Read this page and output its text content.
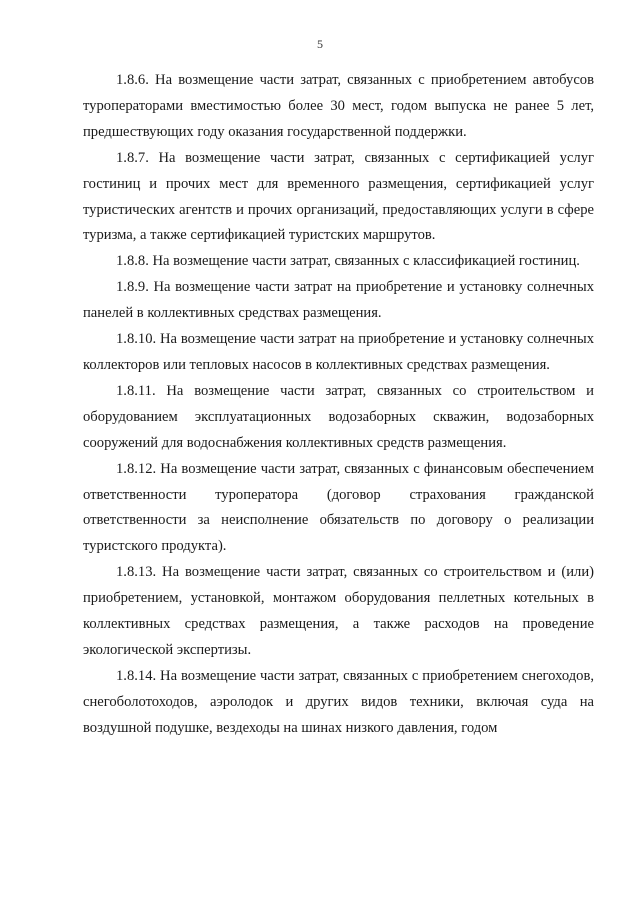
5

1.8.6. На возмещение части затрат, связанных с приобретением автобусов туроператорами вместимостью более 30 мест, годом выпуска не ранее 5 лет, предшествующих году оказания государственной поддержки.

1.8.7. На возмещение части затрат, связанных с сертификацией услуг гостиниц и прочих мест для временного размещения, сертификацией услуг туристических агентств и прочих организаций, предоставляющих услуги в сфере туризма, а также сертификацией туристских маршрутов.

1.8.8. На возмещение части затрат, связанных с классификацией гостиниц.

1.8.9. На возмещение части затрат на приобретение и установку солнечных панелей в коллективных средствах размещения.

1.8.10. На возмещение части затрат на приобретение и установку солнечных коллекторов или тепловых насосов в коллективных средствах размещения.

1.8.11. На возмещение части затрат, связанных со строительством и оборудованием эксплуатационных водозаборных скважин, водозаборных сооружений для водоснабжения коллективных средств размещения.

1.8.12. На возмещение части затрат, связанных с финансовым обеспечением ответственности туроператора (договор страхования гражданской ответственности за неисполнение обязательств по договору о реализации туристского продукта).

1.8.13. На возмещение части затрат, связанных со строительством и (или) приобретением, установкой, монтажом оборудования пеллетных котельных в коллективных средствах размещения, а также расходов на проведение экологической экспертизы.

1.8.14. На возмещение части затрат, связанных с приобретением снегоходов, снегоболотоходов, аэролодок и других видов техники, включая суда на воздушной подушке, вездеходы на шинах низкого давления, годом
